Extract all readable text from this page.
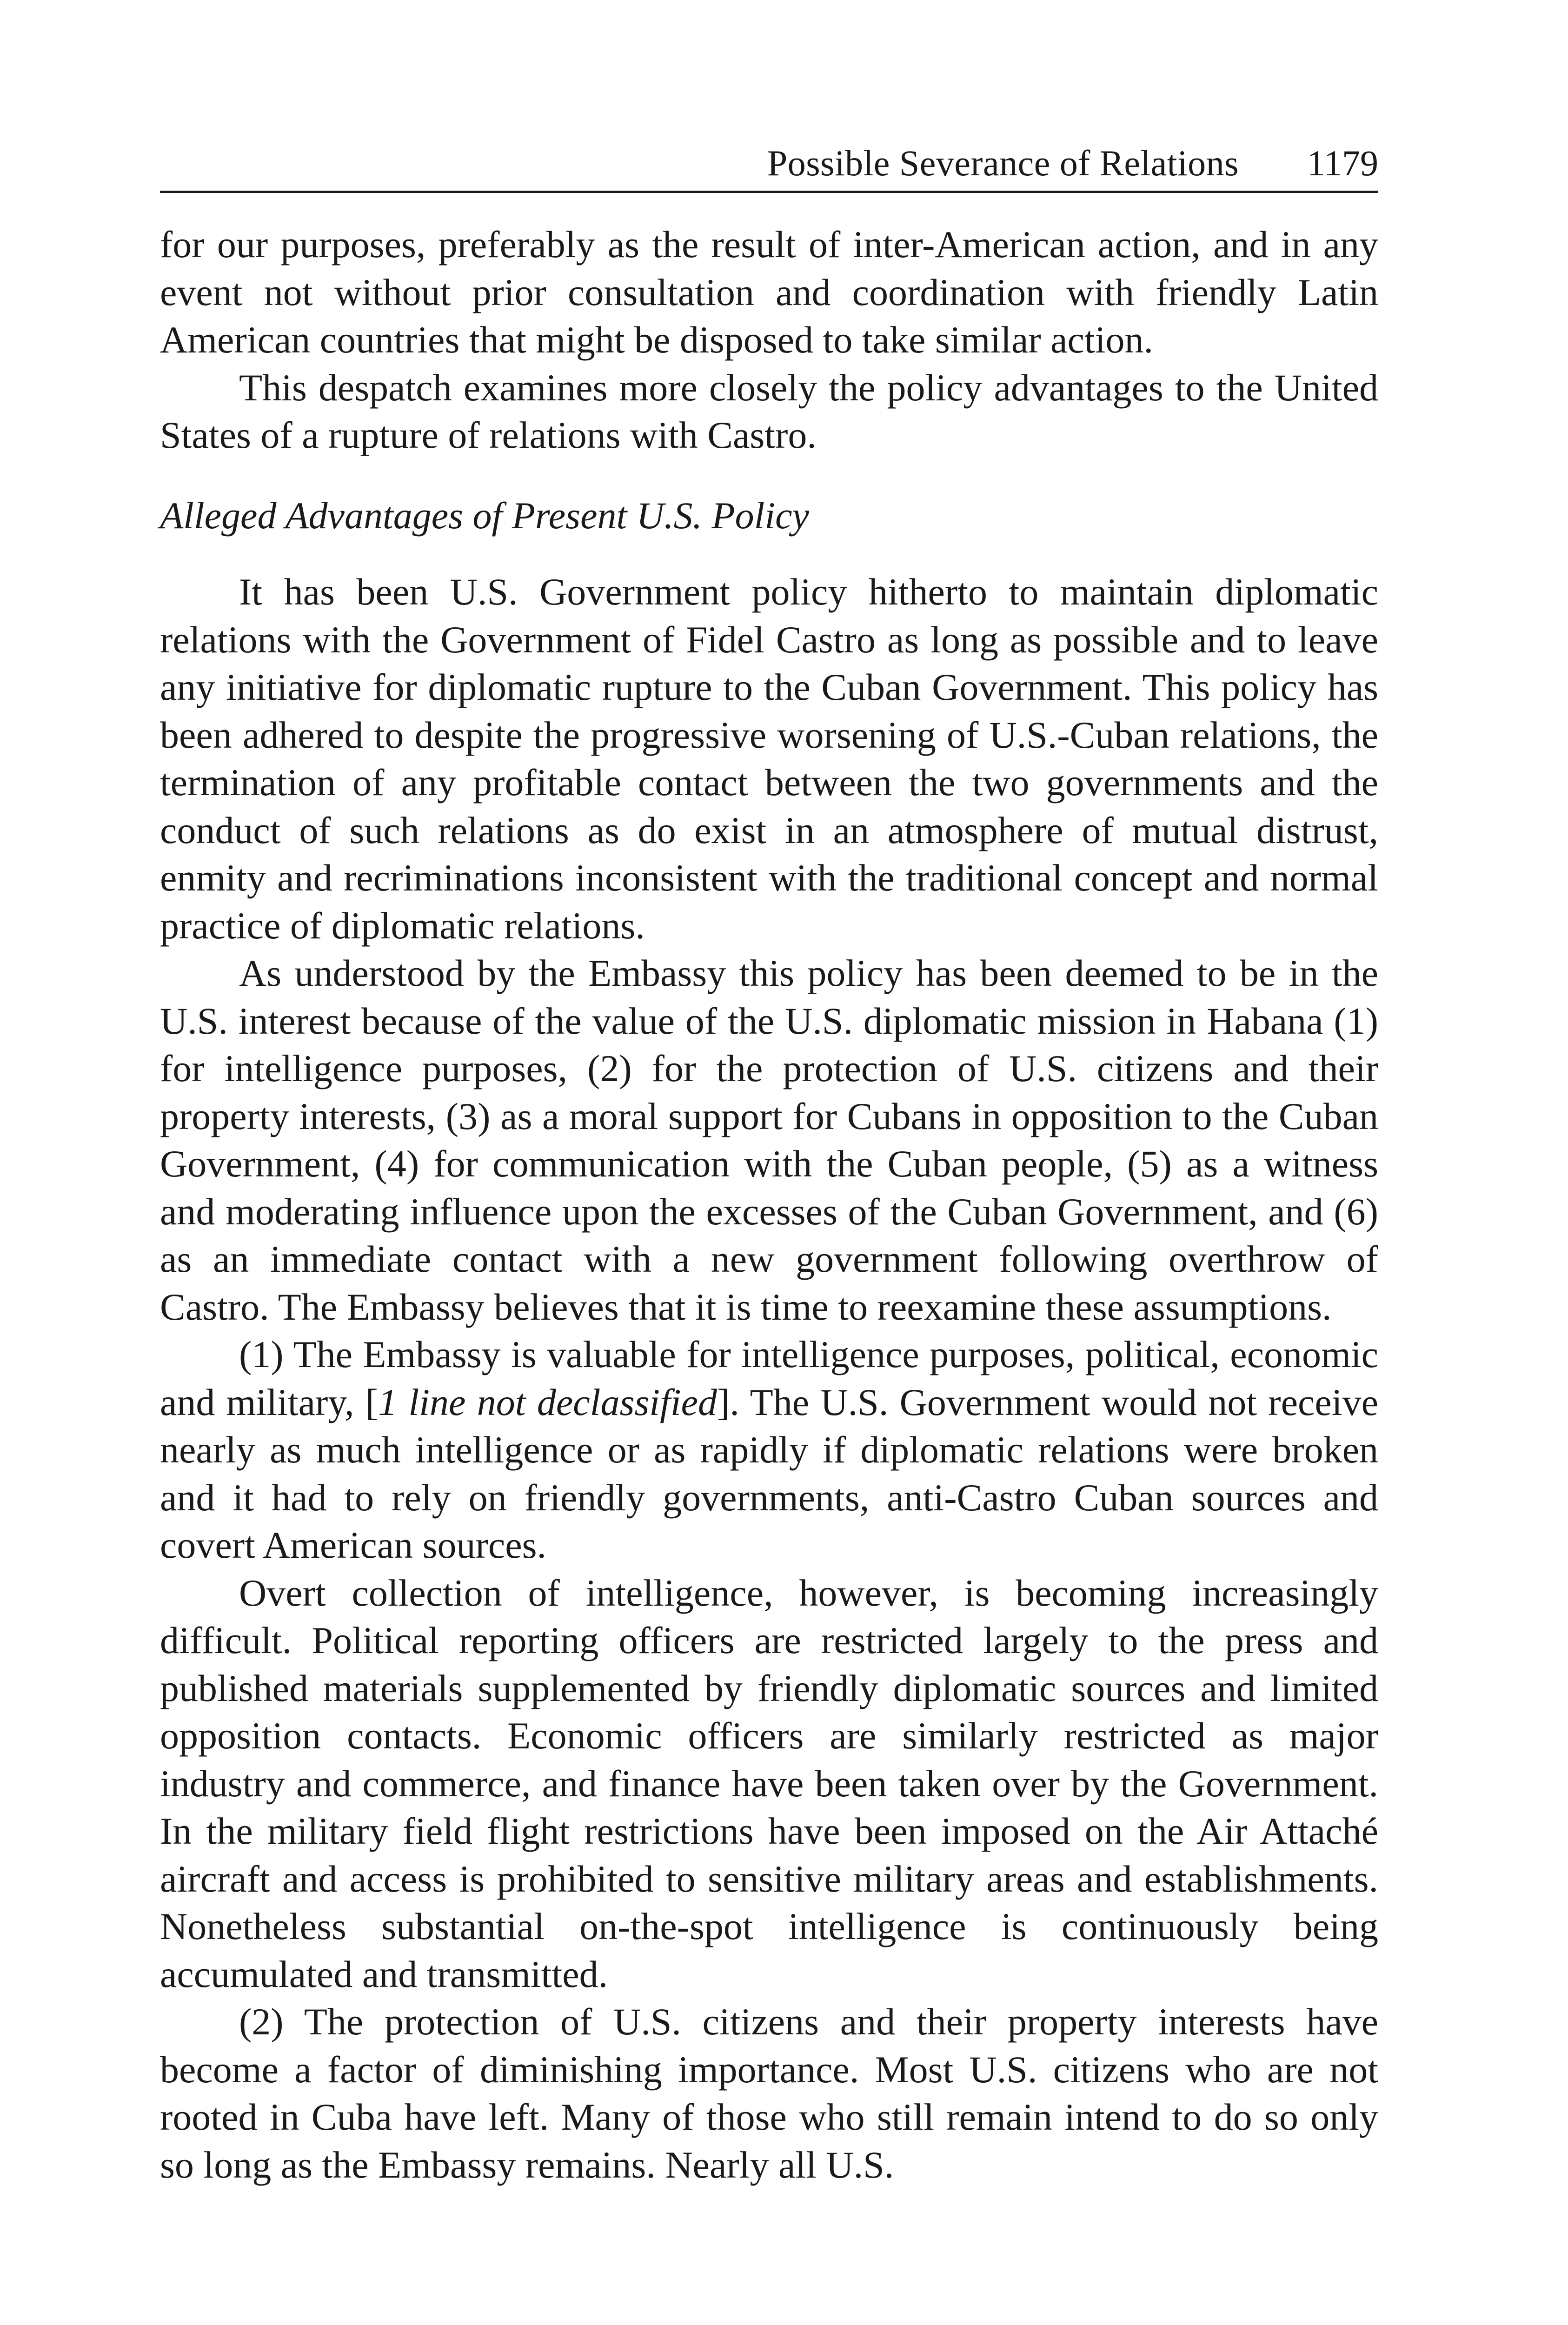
Possible Severance of Relations 1179

for our purposes, preferably as the result of inter-American action, and in any event not without prior consultation and coordination with friendly Latin American countries that might be disposed to take similar action.

This despatch examines more closely the policy advantages to the United States of a rupture of relations with Castro.

Alleged Advantages of Present U.S. Policy

It has been U.S. Government policy hitherto to maintain diplomatic relations with the Government of Fidel Castro as long as possible and to leave any initiative for diplomatic rupture to the Cuban Government. This policy has been adhered to despite the progressive worsening of U.S.-Cuban relations, the termination of any profitable contact between the two governments and the conduct of such relations as do exist in an atmosphere of mutual distrust, enmity and recriminations inconsistent with the traditional concept and normal practice of diplomatic relations.

As understood by the Embassy this policy has been deemed to be in the U.S. interest because of the value of the U.S. diplomatic mission in Habana (1) for intelligence purposes, (2) for the protection of U.S. citizens and their property interests, (3) as a moral support for Cubans in opposition to the Cuban Government, (4) for communication with the Cuban people, (5) as a witness and moderating influence upon the excesses of the Cuban Government, and (6) as an immediate contact with a new government following overthrow of Castro. The Embassy believes that it is time to reexamine these assumptions.

(1) The Embassy is valuable for intelligence purposes, political, economic and military, [1 line not declassified]. The U.S. Government would not receive nearly as much intelligence or as rapidly if diplomatic relations were broken and it had to rely on friendly governments, anti-Castro Cuban sources and covert American sources.

Overt collection of intelligence, however, is becoming increasingly difficult. Political reporting officers are restricted largely to the press and published materials supplemented by friendly diplomatic sources and limited opposition contacts. Economic officers are similarly restricted as major industry and commerce, and finance have been taken over by the Government. In the military field flight restrictions have been imposed on the Air Attaché aircraft and access is prohibited to sensitive military areas and establishments. Nonetheless substantial on-the-spot intelligence is continuously being accumulated and transmitted.

(2) The protection of U.S. citizens and their property interests have become a factor of diminishing importance. Most U.S. citizens who are not rooted in Cuba have left. Many of those who still remain intend to do so only so long as the Embassy remains. Nearly all U.S.
